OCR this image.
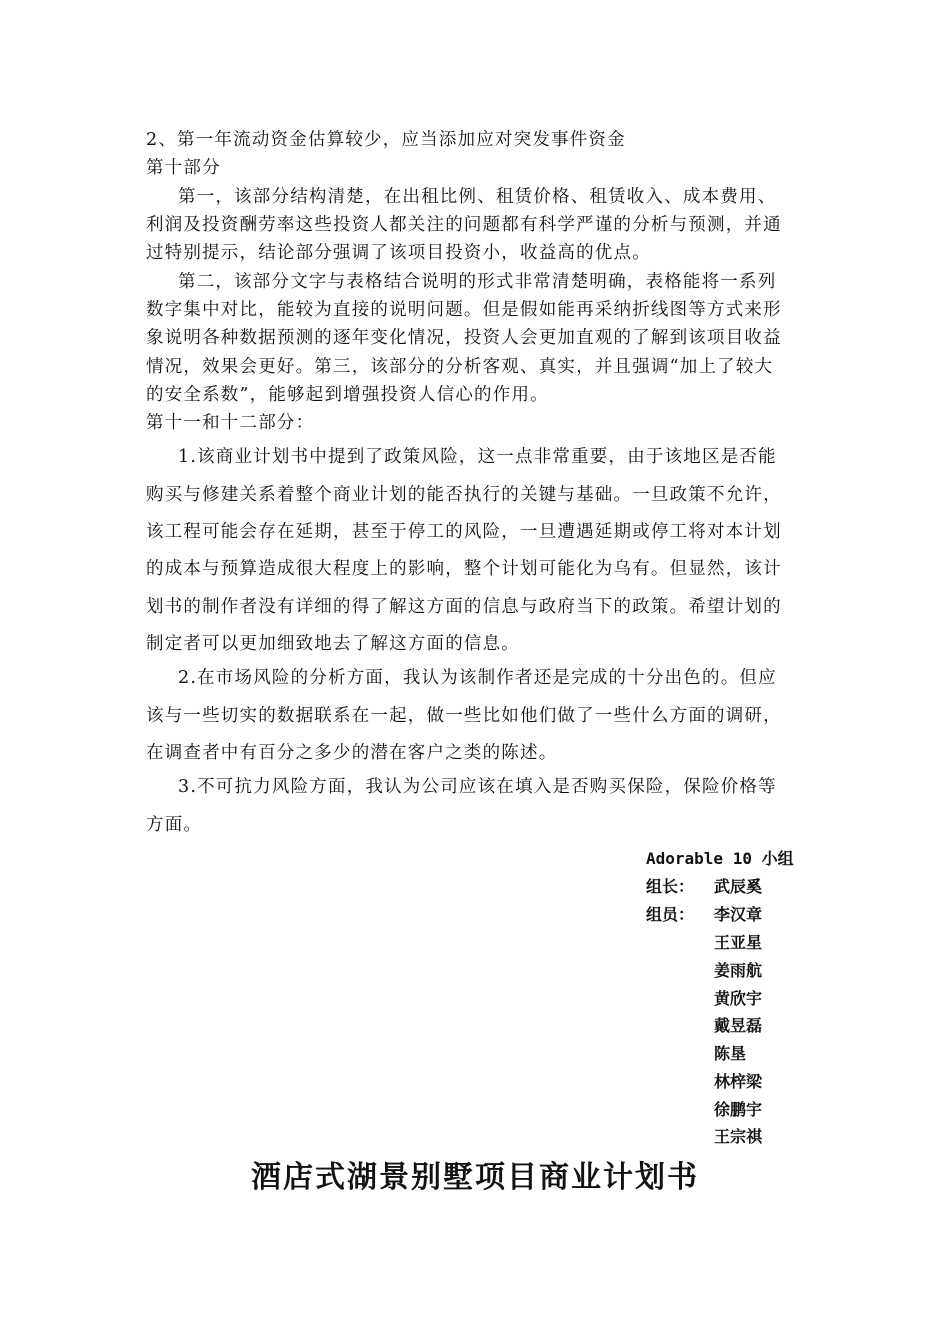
2、第一年流动资金估算较少，应当添加应对突发事件资金
第十部分
第一，该部分结构清楚，在出租比例、租赁价格、租赁收入、成本费用、
利润及投资酬劳率这些投资人都关注的问题都有科学严谨的分析与预测，并通
过特别提示，结论部分强调了该项目投资小，收益高的优点。
第二，该部分文字与表格结合说明的形式非常清楚明确，表格能将一系列
数字集中对比，能较为直接的说明问题。但是假如能再采纳折线图等方式来形
象说明各种数据预测的逐年变化情况，投资人会更加直观的了解到该项目收益
情况，效果会更好。第三，该部分的分析客观、真实，并且强调“加上了较大
的安全系数”，能够起到增强投资人信心的作用。
第十一和十二部分：
1.该商业计划书中提到了政策风险，这一点非常重要，由于该地区是否能
购买与修建关系着整个商业计划的能否执行的关键与基础。一旦政策不允许，
该工程可能会存在延期，甚至于停工的风险，一旦遭遇延期或停工将对本计划
的成本与预算造成很大程度上的影响，整个计划可能化为乌有。但显然，该计
划书的制作者没有详细的得了解这方面的信息与政府当下的政策。希望计划的
制定者可以更加细致地去了解这方面的信息。
2.在市场风险的分析方面，我认为该制作者还是完成的十分出色的。但应
该与一些切实的数据联系在一起，做一些比如他们做了一些什么方面的调研，
在调查者中有百分之多少的潜在客户之类的陈述。
3.不可抗力风险方面，我认为公司应该在填入是否购买保险，保险价格等
方面。
Adorable 10 小组
组长： 武辰奚
组员： 李汉章
王亚星
姜雨航
黄欣宇
戴昱磊
陈垦
林梓梁
徐鹏宇
王宗祺
酒店式湖景别墅项目商业计划书
